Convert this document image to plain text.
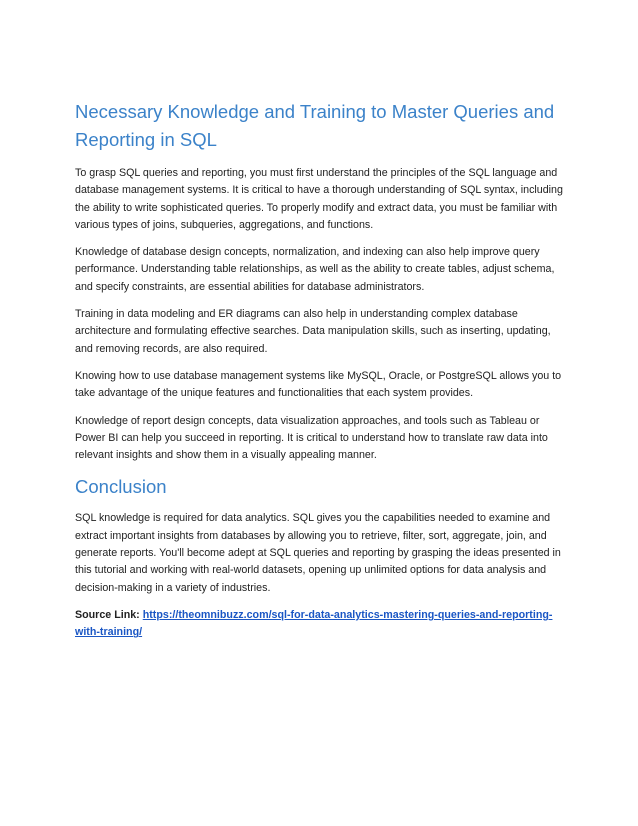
Necessary Knowledge and Training to Master Queries and Reporting in SQL

To grasp SQL queries and reporting, you must first understand the principles of the SQL language and database management systems. It is critical to have a thorough understanding of SQL syntax, including the ability to write sophisticated queries. To properly modify and extract data, you must be familiar with various types of joins, subqueries, aggregations, and functions.

Knowledge of database design concepts, normalization, and indexing can also help improve query performance. Understanding table relationships, as well as the ability to create tables, adjust schema, and specify constraints, are essential abilities for database administrators.

Training in data modeling and ER diagrams can also help in understanding complex database architecture and formulating effective searches. Data manipulation skills, such as inserting, updating, and removing records, are also required.

Knowing how to use database management systems like MySQL, Oracle, or PostgreSQL allows you to take advantage of the unique features and functionalities that each system provides.

Knowledge of report design concepts, data visualization approaches, and tools such as Tableau or Power BI can help you succeed in reporting. It is critical to understand how to translate raw data into relevant insights and show them in a visually appealing manner.

Conclusion

SQL knowledge is required for data analytics. SQL gives you the capabilities needed to examine and extract important insights from databases by allowing you to retrieve, filter, sort, aggregate, join, and generate reports. You'll become adept at SQL queries and reporting by grasping the ideas presented in this tutorial and working with real-world datasets, opening up unlimited options for data analysis and decision-making in a variety of industries.

Source Link: https://theomnibuzz.com/sql-for-data-analytics-mastering-queries-and-reporting-with-training/
